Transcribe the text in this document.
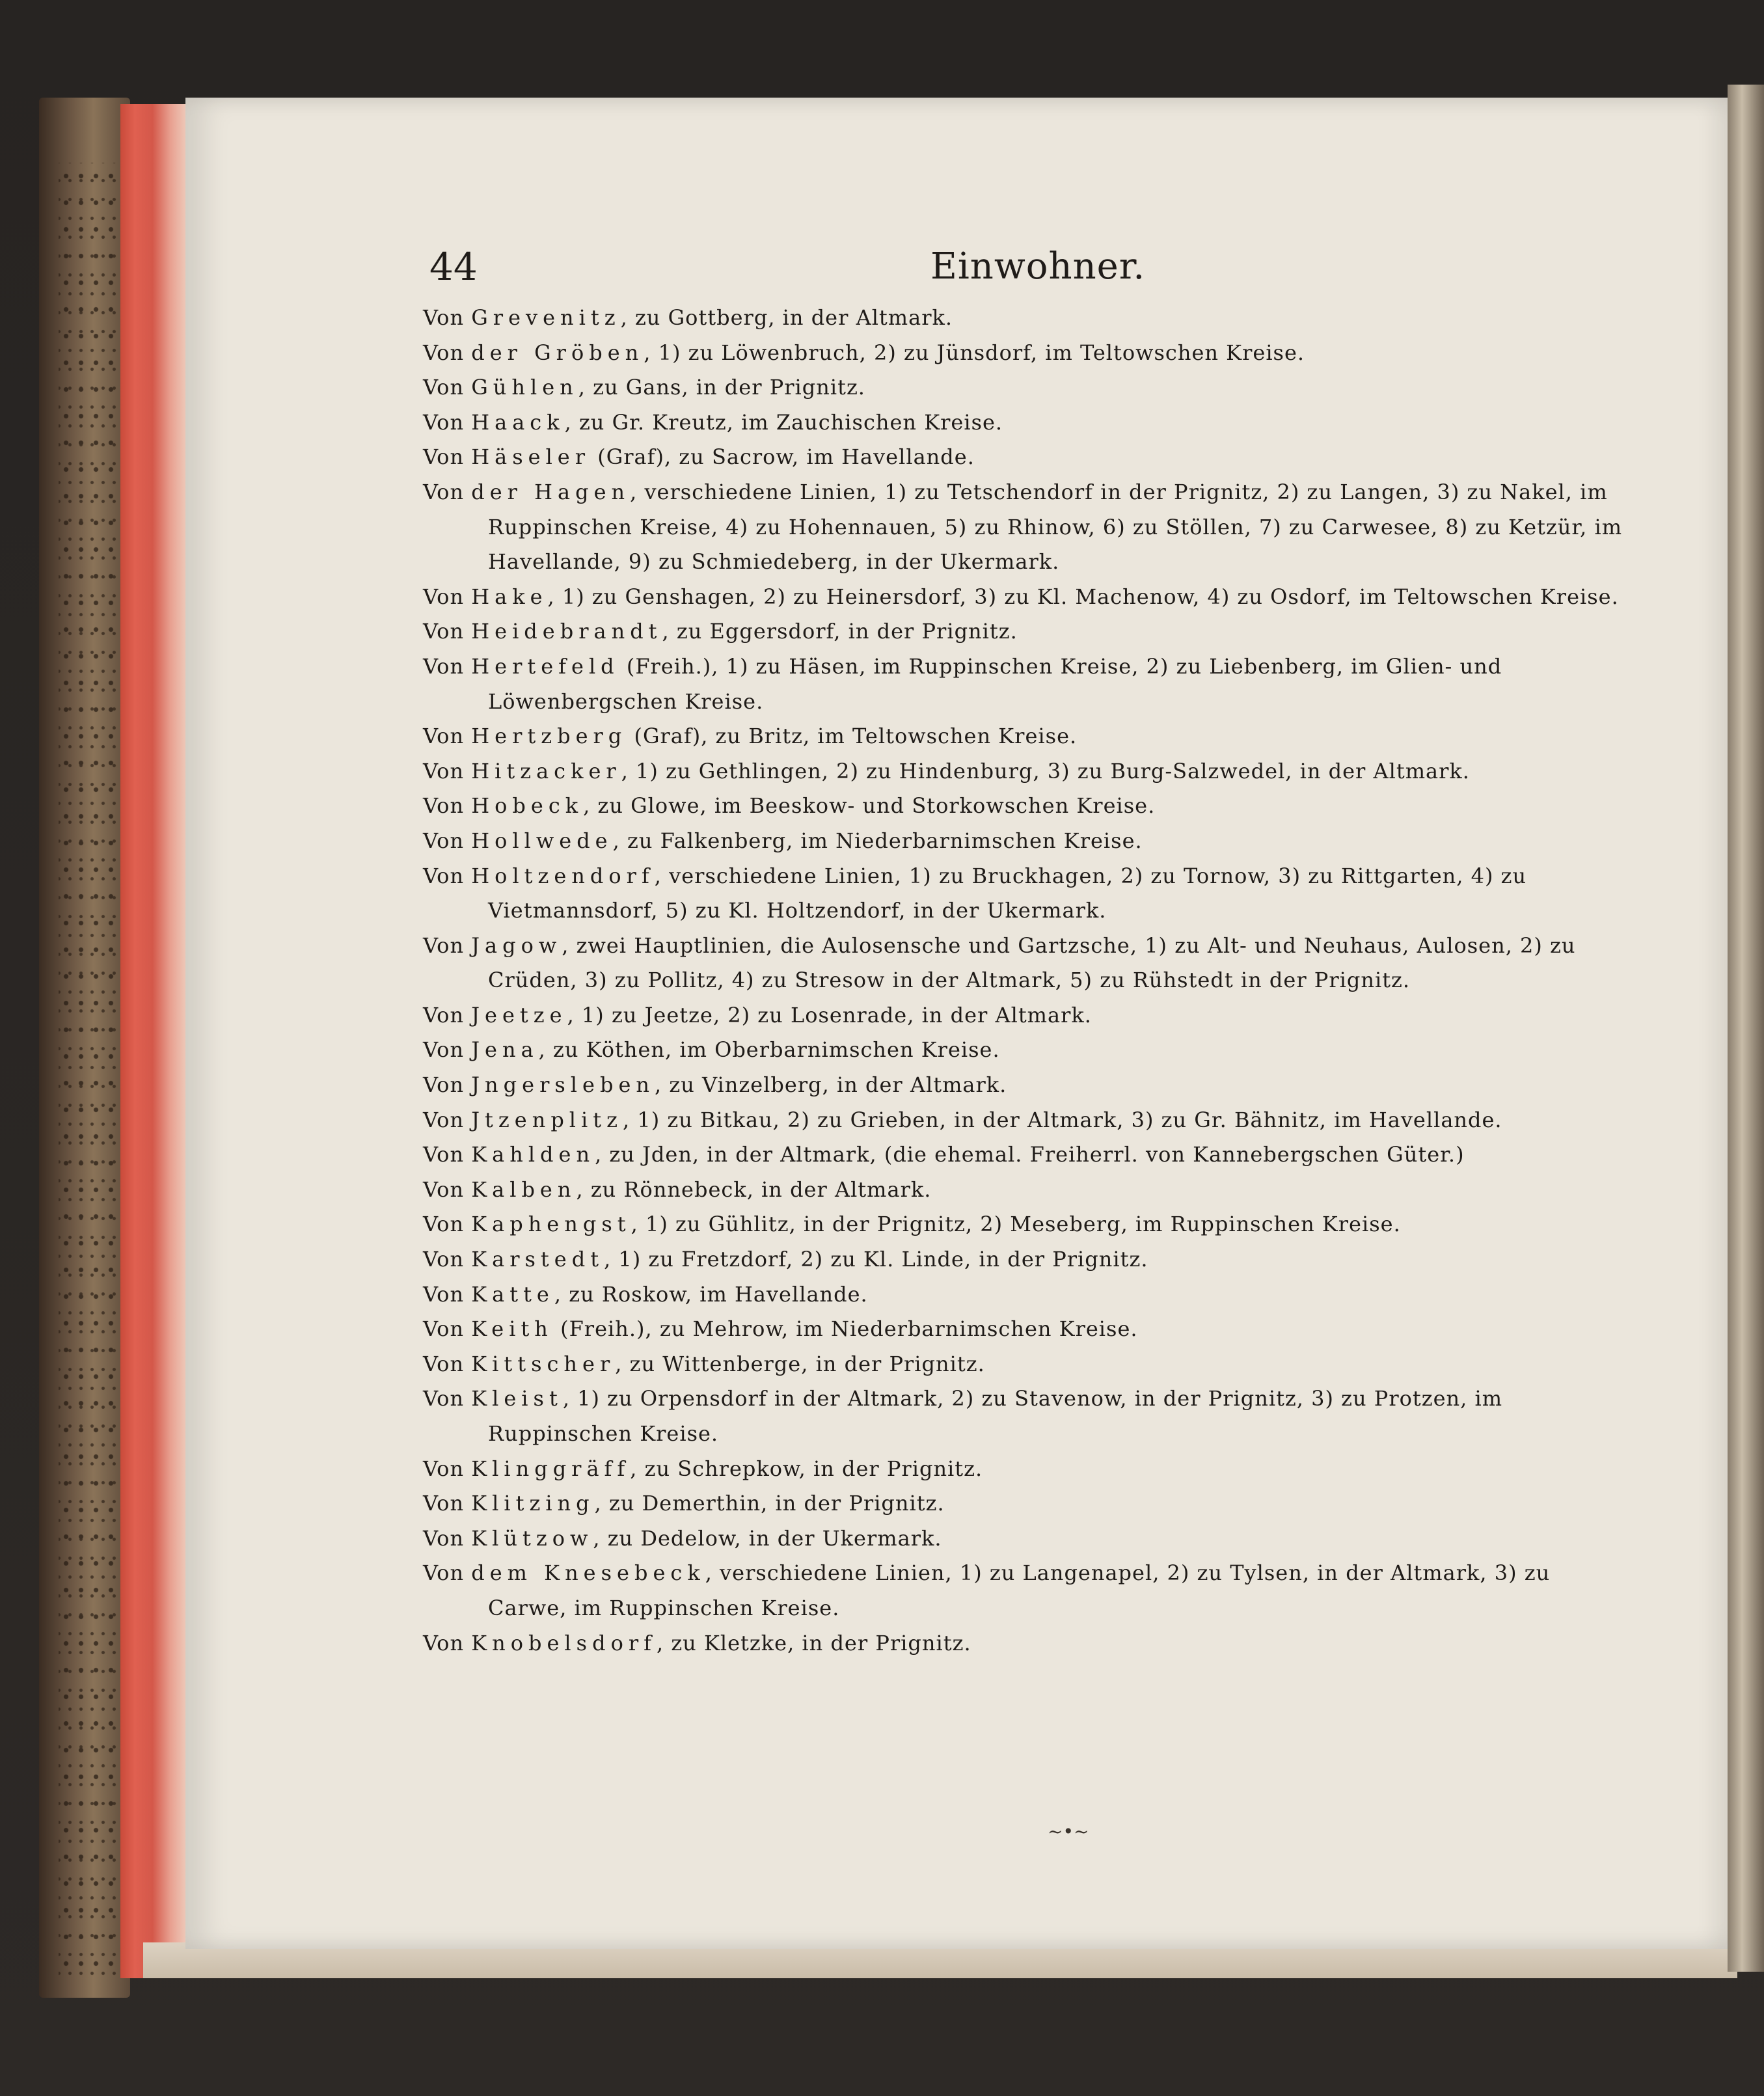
44	Einwohner.
Von Grevenitz, zu Gottberg, in der Altmark.
Von der Gröben, 1) zu Löwenbruch, 2) zu Jünsdorf, im Teltowschen Kreise.
Von Gühlen, zu Gans, in der Prignitz.
Von Haack, zu Gr. Kreutz, im Zauchischen Kreise.
Von Häseler (Graf), zu Sacrow, im Havellande.
Von der Hagen, verschiedene Linien, 1) zu Tetschendorf in der Prignitz, 2) zu Langen, 3) zu Nakel, im Ruppinschen Kreise, 4) zu Hohennauen, 5) zu Rhinow, 6) zu Stöllen, 7) zu Carwesee, 8) zu Ketzür, im Havellande, 9) zu Schmiedeberg, in der Ukermark.
Von Hake, 1) zu Genshagen, 2) zu Heinersdorf, 3) zu Kl. Machenow, 4) zu Osdorf, im Teltowschen Kreise.
Von Heidebrandt, zu Eggersdorf, in der Prignitz.
Von Hertefeld (Freih.), 1) zu Häsen, im Ruppinschen Kreise, 2) zu Liebenberg, im Glien- und Löwenbergschen Kreise.
Von Hertzberg (Graf), zu Britz, im Teltowschen Kreise.
Von Hitzacker, 1) zu Gethlingen, 2) zu Hindenburg, 3) zu Burg-Salzwedel, in der Altmark.
Von Hobeck, zu Glowe, im Beeskow- und Storkowschen Kreise.
Von Hollwede, zu Falkenberg, im Niederbarnimschen Kreise.
Von Holtzendorf, verschiedene Linien, 1) zu Bruckhagen, 2) zu Tornow, 3) zu Rittgarten, 4) zu Vietmannsdorf, 5) zu Kl. Holtzendorf, in der Ukermark.
Von Jagow, zwei Hauptlinien, die Aulosensche und Gartzsche, 1) zu Alt- und Neuhaus, Aulosen, 2) zu Crüden, 3) zu Pollitz, 4) zu Stresow in der Altmark, 5) zu Rühstedt in der Prignitz.
Von Jeetze, 1) zu Jeetze, 2) zu Losenrade, in der Altmark.
Von Jena, zu Köthen, im Oberbarnimschen Kreise.
Von Jngersleben, zu Vinzelberg, in der Altmark.
Von Jtzenplitz, 1) zu Bitkau, 2) zu Grieben, in der Altmark, 3) zu Gr. Bähnitz, im Havellande.
Von Kahlden, zu Jden, in der Altmark, (die ehemal. Freiherrl. von Kannebergschen Güter.)
Von Kalben, zu Rönnebeck, in der Altmark.
Von Kaphengst, 1) zu Gühlitz, in der Prignitz, 2) Meseberg, im Ruppinschen Kreise.
Von Karstedt, 1) zu Fretzdorf, 2) zu Kl. Linde, in der Prignitz.
Von Katte, zu Roskow, im Havellande.
Von Keith (Freih.), zu Mehrow, im Niederbarnimschen Kreise.
Von Kittscher, zu Wittenberge, in der Prignitz.
Von Kleist, 1) zu Orpensdorf in der Altmark, 2) zu Stavenow, in der Prignitz, 3) zu Protzen, im Ruppinschen Kreise.
Von Klinggräff, zu Schrepkow, in der Prignitz.
Von Klitzing, zu Demerthin, in der Prignitz.
Von Klützow, zu Dedelow, in der Ukermark.
Von dem Knesebeck, verschiedene Linien, 1) zu Langenapel, 2) zu Tylsen, in der Altmark, 3) zu Carwe, im Ruppinschen Kreise.
Von Knobelsdorf, zu Kletzke, in der Prignitz.
~•~
